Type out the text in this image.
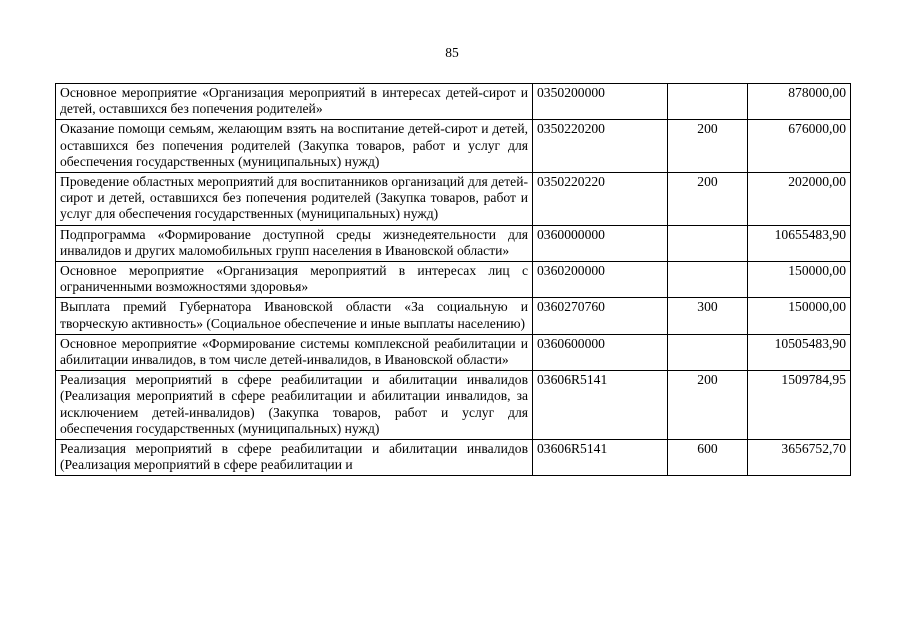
85
Основное мероприятие «Организация мероприятий в интересах детей-сирот и детей, оставшихся без попечения родителей»	0350200000		878000,00
Оказание помощи семьям, желающим взять на воспитание детей-сирот и детей, оставшихся без попечения родителей (Закупка товаров, работ и услуг для обеспечения государственных (муниципальных) нужд)	0350220200	200	676000,00
Проведение областных мероприятий для воспитанников организаций для детей-сирот и детей, оставшихся без попечения родителей (Закупка товаров, работ и услуг для обеспечения государственных (муниципальных) нужд)	0350220220	200	202000,00
Подпрограмма «Формирование доступной среды жизнедеятельности для инвалидов и других маломобильных групп населения в Ивановской области»	0360000000		10655483,90
Основное мероприятие «Организация мероприятий в интересах лиц с ограниченными возможностями здоровья»	0360200000		150000,00
Выплата премий Губернатора Ивановской области «За социальную и творческую активность» (Социальное обеспечение и иные выплаты населению)	0360270760	300	150000,00
Основное мероприятие «Формирование системы комплексной реабилитации и абилитации инвалидов, в том числе детей-инвалидов, в Ивановской области»	0360600000		10505483,90
Реализация мероприятий в сфере реабилитации и абилитации инвалидов (Реализация мероприятий в сфере реабилитации и абилитации инвалидов, за исключением детей-инвалидов) (Закупка товаров, работ и услуг для обеспечения государственных (муниципальных) нужд)	03606R5141	200	1509784,95
Реализация мероприятий в сфере реабилитации и абилитации инвалидов (Реализация мероприятий в сфере реабилитации и	03606R5141	600	3656752,70
